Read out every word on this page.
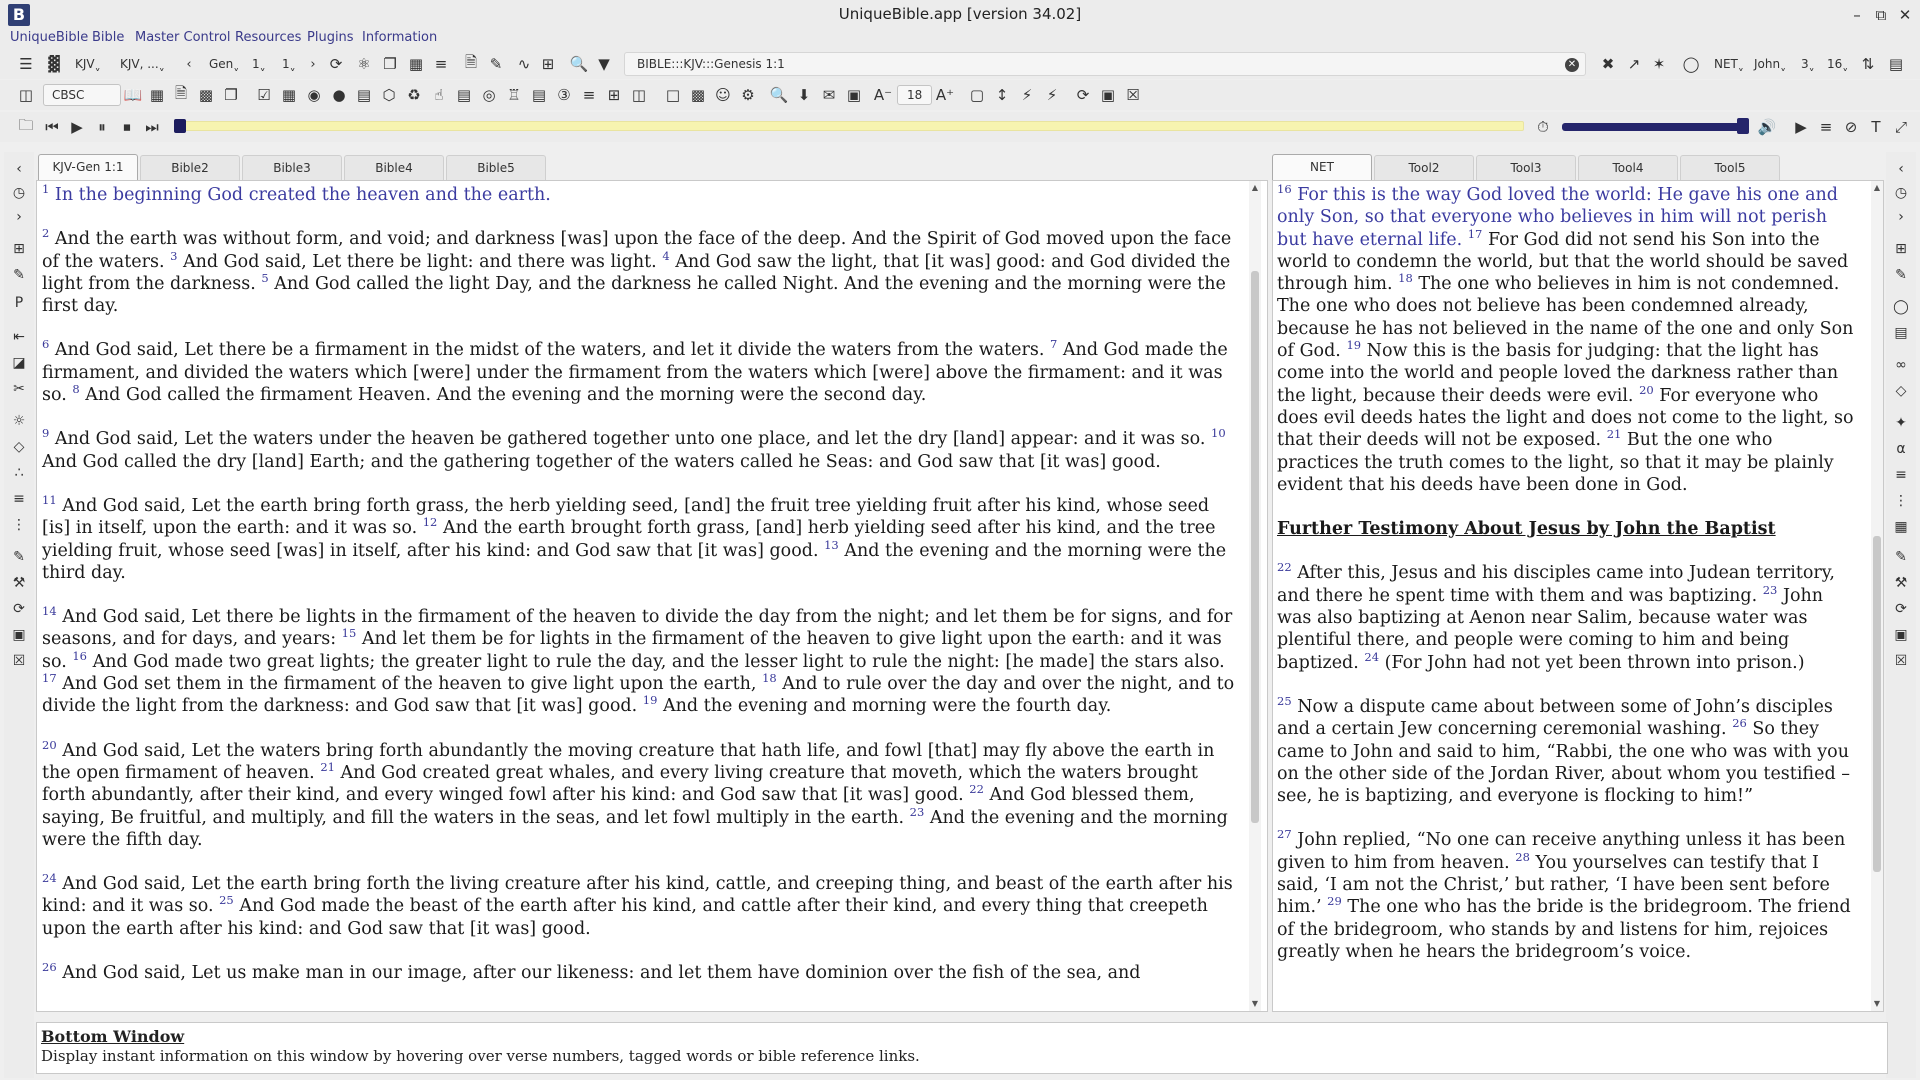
B	UniqueBible.app [version 34.02]	– ⧉ ✕
UniqueBible Bible Master Control Resources Plugins Information
☰	▓	KJVˬ KJV, ...ˬ	‹	Genˬ 1ˬ 1ˬ	› ⟳ ⚛ ❐ ▦ ≡	🗎 ✎	∿ ⊞	🔍 ▼	BIBLE:::KJV:::Genesis 1:1	✕	✖ ↗ ✶	◯ NETˬ Johnˬ 3ˬ 16ˬ ⇅ ▤
◫	CBSC	📖 ▦ 🗎 ▩ ❐ ☑ ▦ ◉ ● ▤ ⬡ ♻ ☝ ▤ ◎ ♖ ▤ ③ ≡ ⊞ ◫ □ ▩ ☺ ⚙ 🔍 ⬇ ✉ ▣ A⁻	18 A⁺ ▢ ↕ ⚡ ⚡	⟳ ▣ ☒
🗀 ⏮ ▶	⏸	⏹ ⏭	⏱	🔊	▶ ≡ ⊘ T ⤢
‹
◷
›
⊞
✎
P
⇤
◪
✂
☼
◇
∴
≡
⋮
✎
⚒
⟳
▣
☒
‹
◷
›
⊞
✎
◯
▤
∞
◇
✦
α
≡
⋮
▦
✎
⚒
⟳
▣
☒
KJV-Gen 1:1	Bible2	Bible3	Bible4	Bible5	NET	Tool2	Tool3	Tool4	Tool5

$^1$ In the beginning God created the heaven and the earth.

$^2$ And the earth was without form, and void; and darkness [was] upon the face of the deep. And the Spirit of God moved upon the face of the waters. $^3$ And God said, Let there be light: and there was light. $^4$ And God saw the light, that [it was] good: and God divided the light from the darkness. $^5$ And God called the light Day, and the darkness he called Night. And the evening and the morning were the first day.

$^6$ And God said, Let there be a firmament in the midst of the waters, and let it divide the waters from the waters. $^7$ And God made the firmament, and divided the waters which [were] under the firmament from the waters which [were] above the firmament: and it was so. $^8$ And God called the firmament Heaven. And the evening and the morning were the second day.

$^9$ And God said, Let the waters under the heaven be gathered together unto one place, and let the dry [land] appear: and it was so. $^{10}$ And God called the dry [land] Earth; and the gathering together of the waters called he Seas: and God saw that [it was] good.

$^{11}$ And God said, Let the earth bring forth grass, the herb yielding seed, [and] the fruit tree yielding fruit after his kind, whose seed [is] in itself, upon the earth: and it was so. $^{12}$ And the earth brought forth grass, [and] herb yielding seed after his kind, and the tree yielding fruit, whose seed [was] in itself, after his kind: and God saw that [it was] good. $^{13}$ And the evening and the morning were the third day.

$^{14}$ And God said, Let there be lights in the firmament of the heaven to divide the day from the night; and let them be for signs, and for seasons, and for days, and years: $^{15}$ And let them be for lights in the firmament of the heaven to give light upon the earth: and it was so. $^{16}$ And God made two great lights; the greater light to rule the day, and the lesser light to rule the night: [he made] the stars also. $^{17}$ And God set them in the firmament of the heaven to give light upon the earth, $^{18}$ And to rule over the day and over the night, and to divide the light from the darkness: and God saw that [it was] good. $^{19}$ And the evening and morning were the fourth day.

$^{20}$ And God said, Let the waters bring forth abundantly the moving creature that hath life, and fowl [that] may fly above the earth in the open firmament of heaven. $^{21}$ And God created great whales, and every living creature that moveth, which the waters brought forth abundantly, after their kind, and every winged fowl after his kind: and God saw that [it was] good. $^{22}$ And God blessed them, saying, Be fruitful, and multiply, and fill the waters in the seas, and let fowl multiply in the earth. $^{23}$ And the evening and the morning were the fifth day.

$^{24}$ And God said, Let the earth bring forth the living creature after his kind, cattle, and creeping thing, and beast of the earth after his kind: and it was so. $^{25}$ And God made the beast of the earth after his kind, and cattle after their kind, and every thing that creepeth upon the earth after his kind: and God saw that [it was] good.

$^{26}$ And God said, Let us make man in our image, after our likeness: and let them have dominion over the fish of the sea, and

▲
▼

$^{16}$ For this is the way God loved the world: He gave his one and only Son, so that everyone who believes in him will not perish but have eternal life. $^{17}$ For God did not send his Son into the world to condemn the world, but that the world should be saved through him. $^{18}$ The one who believes in him is not condemned. The one who does not believe has been condemned already, because he has not believed in the name of the one and only Son of God. $^{19}$ Now this is the basis for judging: that the light has come into the world and people loved the darkness rather than the light, because their deeds were evil. $^{20}$ For everyone who does evil deeds hates the light and does not come to the light, so that their deeds will not be exposed. $^{21}$ But the one who practices the truth comes to the light, so that it may be plainly evident that his deeds have been done in God.

Further Testimony About Jesus by John the Baptist

$^{22}$ After this, Jesus and his disciples came into Judean territory, and there he spent time with them and was baptizing. $^{23}$ John was also baptizing at Aenon near Salim, because water was plentiful there, and people were coming to him and being baptized. $^{24}$ (For John had not yet been thrown into prison.)

$^{25}$ Now a dispute came about between some of John’s disciples and a certain Jew concerning ceremonial washing. $^{26}$ So they came to John and said to him, “Rabbi, the one who was with you on the other side of the Jordan River, about whom you testified – see, he is baptizing, and everyone is flocking to him!”

$^{27}$ John replied, “No one can receive anything unless it has been given to him from heaven. $^{28}$ You yourselves can testify that I said, ‘I am not the Christ,’ but rather, ‘I have been sent before him.’ $^{29}$ The one who has the bride is the bridegroom. The friend of the bridegroom, who stands by and listens for him, rejoices greatly when he hears the bridegroom’s voice.

▲
▼
Bottom Window
Display instant information on this window by hovering over verse numbers, tagged words or bible reference links.
